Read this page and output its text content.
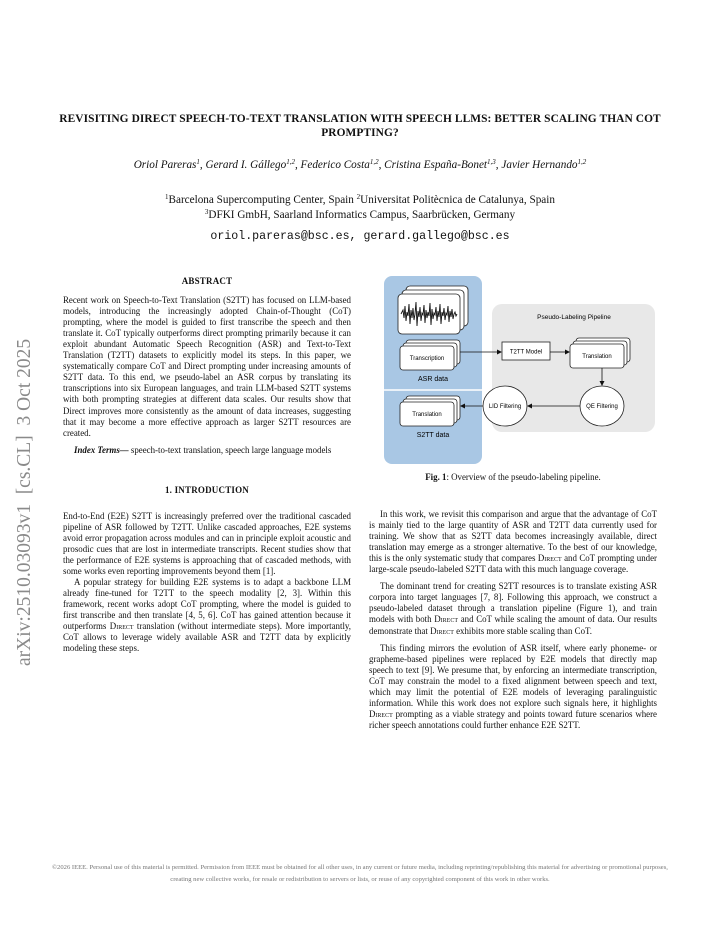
arXiv:2510.03093v1  [cs.CL]  3 Oct 2025
REVISITING DIRECT SPEECH-TO-TEXT TRANSLATION WITH SPEECH LLMS: BETTER SCALING THAN COT PROMPTING?
Oriol Pareras$^1$, Gerard I. Gállego$^{1,2}$, Federico Costa$^{1,2}$, Cristina España-Bonet$^{1,3}$, Javier Hernando$^{1,2}$
$^1$Barcelona Supercomputing Center, Spain $^2$Universitat Politècnica de Catalunya, Spain
$^3$DFKI GmbH, Saarland Informatics Campus, Saarbrücken, Germany
oriol.pareras@bsc.es, gerard.gallego@bsc.es

ABSTRACT

Recent work on Speech-to-Text Translation (S2TT) has focused on LLM-based models, introducing the increasingly adopted Chain-of-Thought (CoT) prompting, where the model is guided to first transcribe the speech and then translate it. CoT typically outperforms direct prompting primarily because it can exploit abundant Automatic Speech Recognition (ASR) and Text-to-Text Translation (T2TT) datasets to explicitly model its steps. In this paper, we systematically compare CoT and Direct prompting under increasing amounts of S2TT data. To this end, we pseudo-label an ASR corpus by translating its transcriptions into six European languages, and train LLM-based S2TT systems with both prompting strategies at different data scales. Our results show that Direct improves more consistently as the amount of data increases, suggesting that it may become a more effective approach as larger S2TT resources are created.

Index Terms— speech-to-text translation, speech large language models

1. INTRODUCTION

End-to-End (E2E) S2TT is increasingly preferred over the traditional cascaded pipeline of ASR followed by T2TT. Unlike cascaded approaches, E2E systems avoid error propagation across modules and can in principle exploit acoustic and prosodic cues that are lost in intermediate transcripts. Recent studies show that the performance of E2E systems is approaching that of cascaded methods, with some works even reporting improvements beyond them [1].

A popular strategy for building E2E systems is to adapt a backbone LLM already fine-tuned for T2TT to the speech modality [2, 3]. Within this framework, recent works adopt CoT prompting, where the model is guided to first transcribe and then translate [4, 5, 6]. CoT has gained attention because it outperforms Direct translation (without intermediate steps). More importantly, CoT allows to leverage widely available ASR and T2TT data by explicitly modeling these steps.

Transcription
ASR data
Translation
S2TT data
Pseudo-Labeling Pipeline
T2TT Model
Translation
QE Filtering
LID Filtering

Fig. 1: Overview of the pseudo-labeling pipeline.

In this work, we revisit this comparison and argue that the advantage of CoT is mainly tied to the large quantity of ASR and T2TT data currently used for training. We show that as S2TT data becomes increasingly available, direct translation may emerge as a stronger alternative. To the best of our knowledge, this is the only systematic study that compares Direct and CoT prompting under large-scale pseudo-labeled S2TT data with this much language coverage.

The dominant trend for creating S2TT resources is to translate existing ASR corpora into target languages [7, 8]. Following this approach, we construct a pseudo-labeled dataset through a translation pipeline (Figure 1), and train models with both Direct and CoT while scaling the amount of data. Our results demonstrate that Direct exhibits more stable scaling than CoT.

This finding mirrors the evolution of ASR itself, where early phoneme- or grapheme-based pipelines were replaced by E2E models that directly map speech to text [9]. We presume that, by enforcing an intermediate transcription, CoT may constrain the model to a fixed alignment between speech and text, which may limit the potential of E2E models of leveraging paralinguistic information. While this work does not explore such signals here, it highlights Direct prompting as a viable strategy and points toward future scenarios where richer speech annotations could further enhance E2E S2TT.

©2026 IEEE. Personal use of this material is permitted. Permission from IEEE must be obtained for all other uses, in any current or future media, including reprinting/republishing this material for advertising or promotional purposes, creating new collective works, for resale or redistribution to servers or lists, or reuse of any copyrighted component of this work in other works.
